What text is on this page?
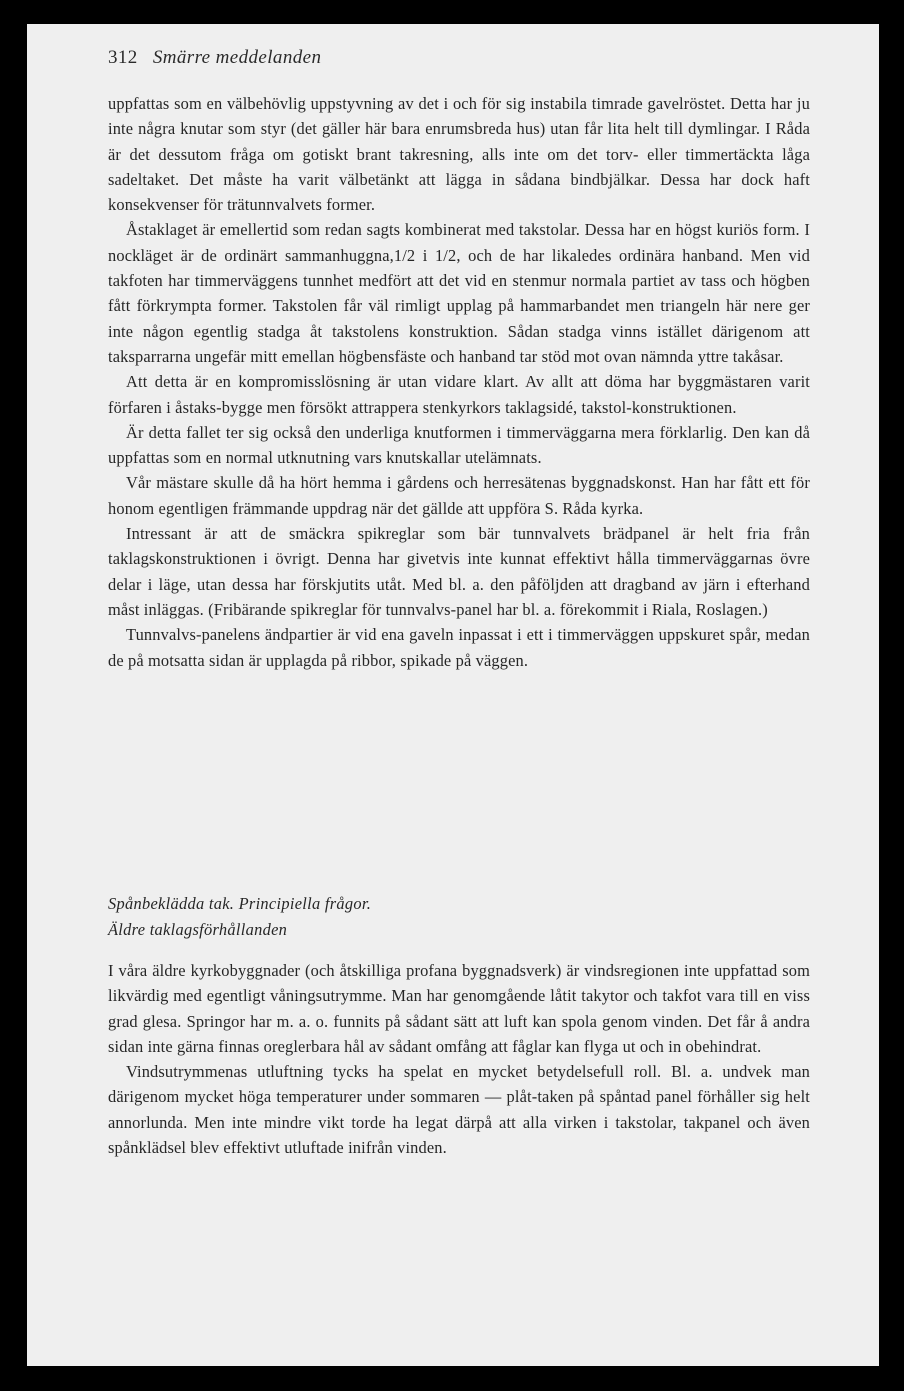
312 Smärre meddelanden

uppfattas som en välbehövlig uppstyvning av det i och för sig instabila timrade gavelröstet. Detta har ju inte några knutar som styr (det gäller här bara enrumsbreda hus) utan får lita helt till dymlingar. I Råda är det dessutom fråga om gotiskt brant takresning, alls inte om det torv- eller timmertäckta låga sadeltaket. Det måste ha varit välbetänkt att lägga in sådana bindbjälkar. Dessa har dock haft konsekvenser för trätunnvalvets former.

Åstaklaget är emellertid som redan sagts kombinerat med takstolar. Dessa har en högst kuriös form. I nockläget är de ordinärt sammanhuggna,1/2 i 1/2, och de har likaledes ordinära hanband. Men vid takfoten har timmerväggens tunnhet medfört att det vid en stenmur normala partiet av tass och högben fått förkrympta former. Takstolen får väl rimligt upplag på hammarbandet men triangeln här nere ger inte någon egentlig stadga åt takstolens konstruktion. Sådan stadga vinns istället därigenom att taksparrarna ungefär mitt emellan högbensfäste och hanband tar stöd mot ovan nämnda yttre takåsar.

Att detta är en kompromisslösning är utan vidare klart. Av allt att döma har byggmästaren varit förfaren i åstaks-bygge men försökt attrappera stenkyrkors taklagsidé, takstol-konstruktionen.

Är detta fallet ter sig också den underliga knutformen i timmerväggarna mera förklarlig. Den kan då uppfattas som en normal utknutning vars knutskallar utelämnats.

Vår mästare skulle då ha hört hemma i gårdens och herresätenas byggnadskonst. Han har fått ett för honom egentligen främmande uppdrag när det gällde att uppföra S. Råda kyrka.

Intressant är att de smäckra spikreglar som bär tunnvalvets brädpanel är helt fria från taklagskonstruktionen i övrigt. Denna har givetvis inte kunnat effektivt hålla timmerväggarnas övre delar i läge, utan dessa har förskjutits utåt. Med bl. a. den påföljden att dragband av järn i efterhand måst inläggas. (Fribärande spikreglar för tunnvalvs-panel har bl. a. förekommit i Riala, Roslagen.)

Tunnvalvs-panelens ändpartier är vid ena gaveln inpassat i ett i timmerväggen uppskuret spår, medan de på motsatta sidan är upplagda på ribbor, spikade på väggen.

Spånbeklädda tak. Principiella frågor.
Äldre taklagsförhållanden

I våra äldre kyrkobyggnader (och åtskilliga profana byggnadsverk) är vindsregionen inte uppfattad som likvärdig med egentligt våningsutrymme. Man har genomgående låtit takytor och takfot vara till en viss grad glesa. Springor har m. a. o. funnits på sådant sätt att luft kan spola genom vinden. Det får å andra sidan inte gärna finnas oreglerbara hål av sådant omfång att fåglar kan flyga ut och in obehindrat.

Vindsutrymmenas utluftning tycks ha spelat en mycket betydelsefull roll. Bl. a. undvek man därigenom mycket höga temperaturer under sommaren — plåt-taken på spåntad panel förhåller sig helt annorlunda. Men inte mindre vikt torde ha legat därpå att alla virken i takstolar, takpanel och även spånklädsel blev effektivt utluftade inifrån vinden.
